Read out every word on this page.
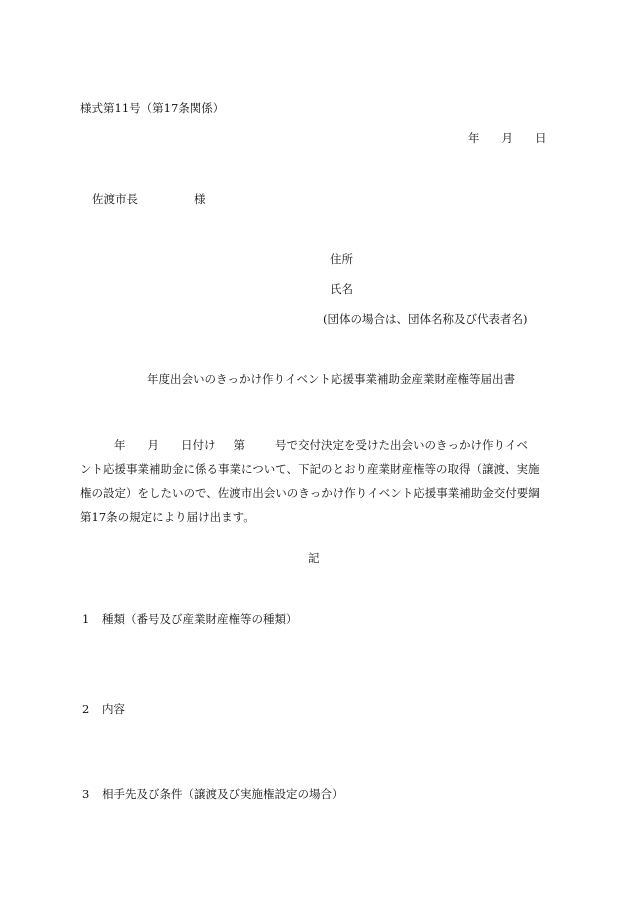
様式第11号（第17条関係）
年 月 日
佐渡市長	様
住所
氏名
(団体の場合は、団体名称及び代表者名)
年度出会いのきっかけ作りイベント応援事業補助金産業財産権等届出書
年 月 日付け 第	号で交付決定を受けた出会いのきっかけ作りイベ
ント応援事業補助金に係る事業について、下記のとおり産業財産権等の取得（譲渡、実施
権の設定）をしたいので、佐渡市出会いのきっかけ作りイベント応援事業補助金交付要綱
第17条の規定により届け出ます。
記
1 種類（番号及び産業財産権等の種類）
2 内容
3 相手先及び条件（譲渡及び実施権設定の場合）
